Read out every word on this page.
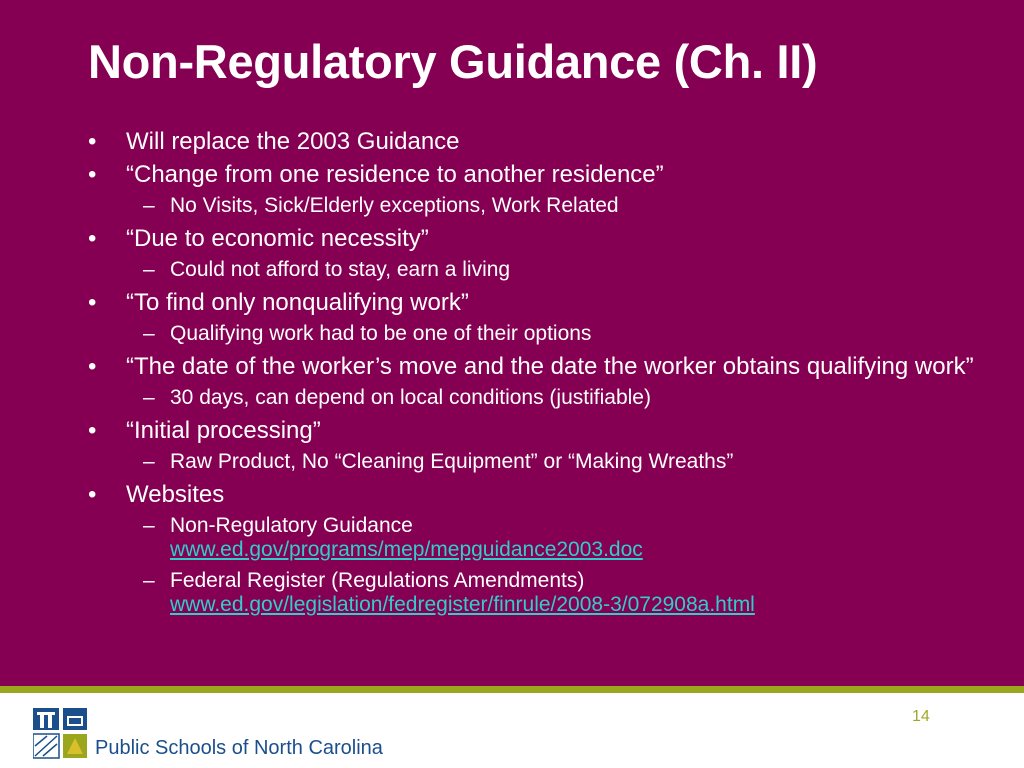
Non-Regulatory Guidance (Ch. II)
• Will replace the 2003 Guidance
• “Change from one residence to another residence”
– No Visits, Sick/Elderly exceptions, Work Related
• “Due to economic necessity”
– Could not afford to stay, earn a living
• “To find only nonqualifying work”
– Qualifying work had to be one of their options
• “The date of the worker’s move and the date the worker obtains qualifying work”
– 30 days, can depend on local conditions (justifiable)
• “Initial processing”
– Raw Product, No “Cleaning Equipment” or “Making Wreaths”
• Websites
– Non-Regulatory Guidance
www.ed.gov/programs/mep/mepguidance2003.doc
– Federal Register (Regulations Amendments)
www.ed.gov/legislation/fedregister/finrule/2008-3/072908a.html
Public Schools of North Carolina
14
